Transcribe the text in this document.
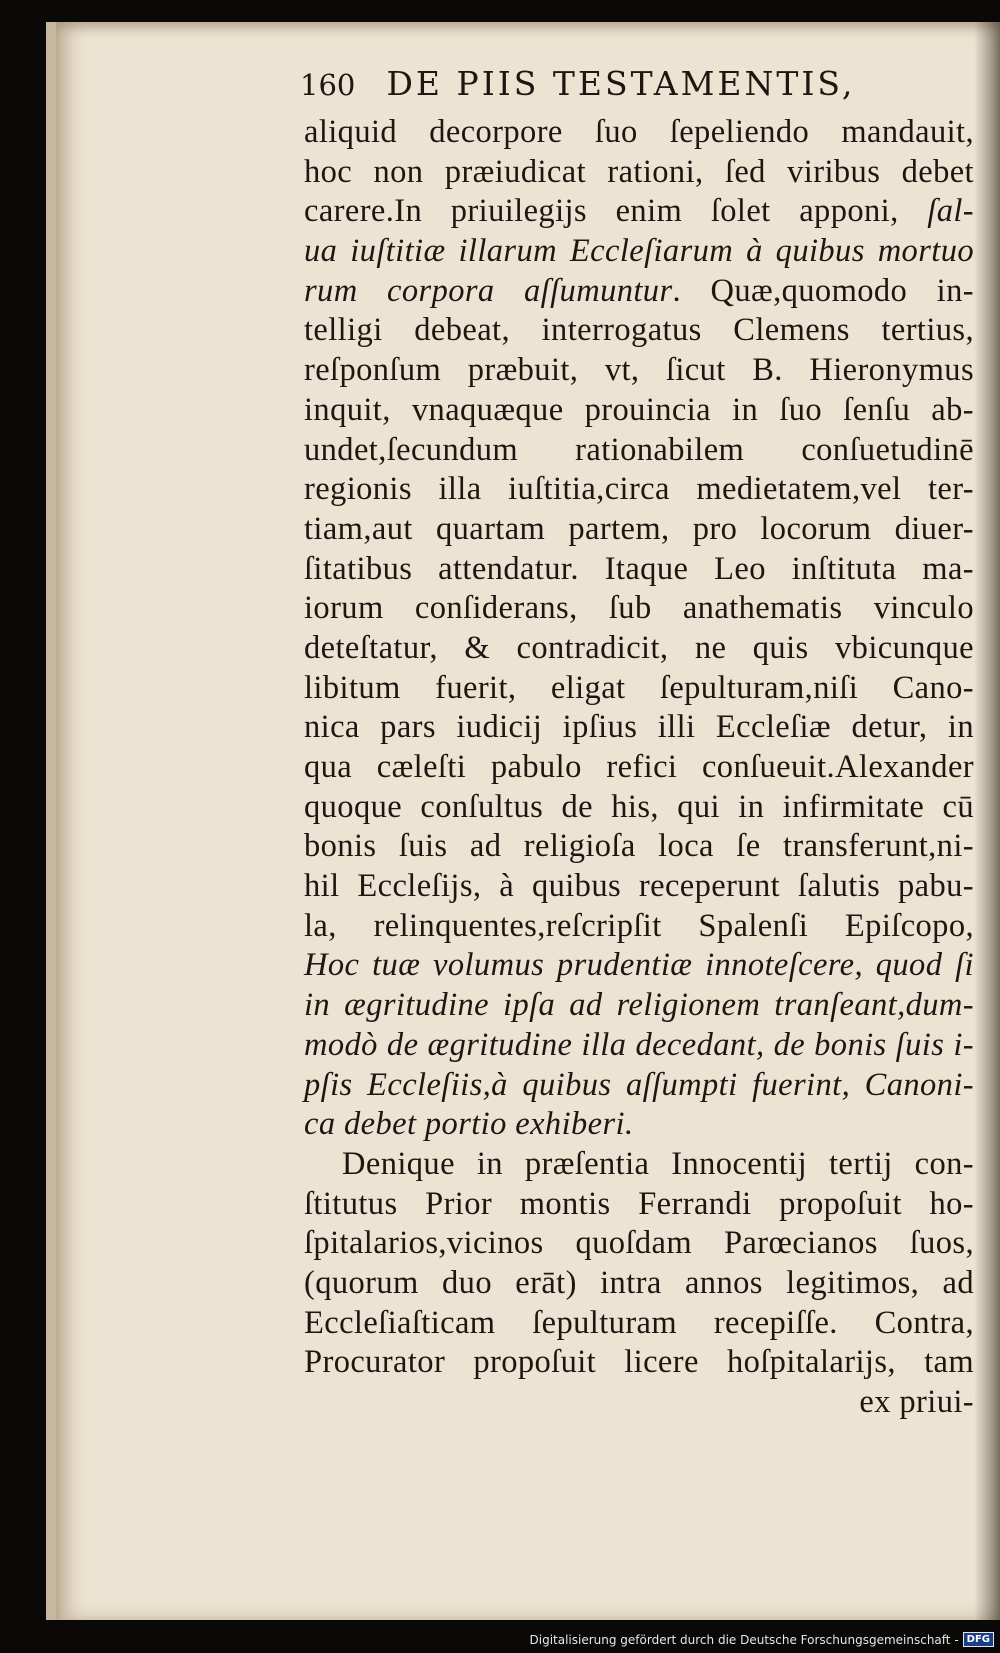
160 DE PIIS TESTAMENTIS,
aliquid decorpore ſuo ſepeliendo mandauit,
hoc non præiudicat rationi, ſed viribus debet
carere.In priuilegijs enim ſolet apponi, ſal-
ua iuſtitiæ illarum Eccleſiarum à quibus mortuo
rum corpora aſſumuntur. Quæ,quomodo in-
telligi debeat, interrogatus Clemens tertius,
reſponſum præbuit, vt, ſicut B. Hieronymus
inquit, vnaquæque prouincia in ſuo ſenſu ab-
undet,ſecundum rationabilem conſuetudinē
regionis illa iuſtitia,circa medietatem,vel ter-
tiam,aut quartam partem, pro locorum diuer-
ſitatibus attendatur. Itaque Leo inſtituta ma-
iorum conſiderans, ſub anathematis vinculo
deteſtatur, & contradicit, ne quis vbicunque
libitum fuerit, eligat ſepulturam,niſi Cano-
nica pars iudicij ipſius illi Eccleſiæ detur, in
qua cæleſti pabulo refici conſueuit.Alexander
quoque conſultus de his, qui in infirmitate cū
bonis ſuis ad religioſa loca ſe transferunt,ni-
hil Eccleſijs, à quibus receperunt ſalutis pabu-
la, relinquentes,reſcripſit Spalenſi Epiſcopo,
Hoc tuæ volumus prudentiæ innoteſcere, quod ſi
in ægritudine ipſa ad religionem tranſeant,dum-
modò de ægritudine illa decedant, de bonis ſuis i-
pſis Eccleſiis,à quibus aſſumpti fuerint, Canoni-
ca debet portio exhiberi.
Denique in præſentia Innocentij tertij con-
ſtitutus Prior montis Ferrandi propoſuit ho-
ſpitalarios,vicinos quoſdam Parœcianos ſuos,
(quorum duo erāt) intra annos legitimos, ad
Eccleſiaſticam ſepulturam recepiſſe. Contra,
Procurator propoſuit licere hoſpitalarijs, tam
ex priui-
Digitalisierung gefördert durch die Deutsche Forschungsgemeinschaft - DFG
